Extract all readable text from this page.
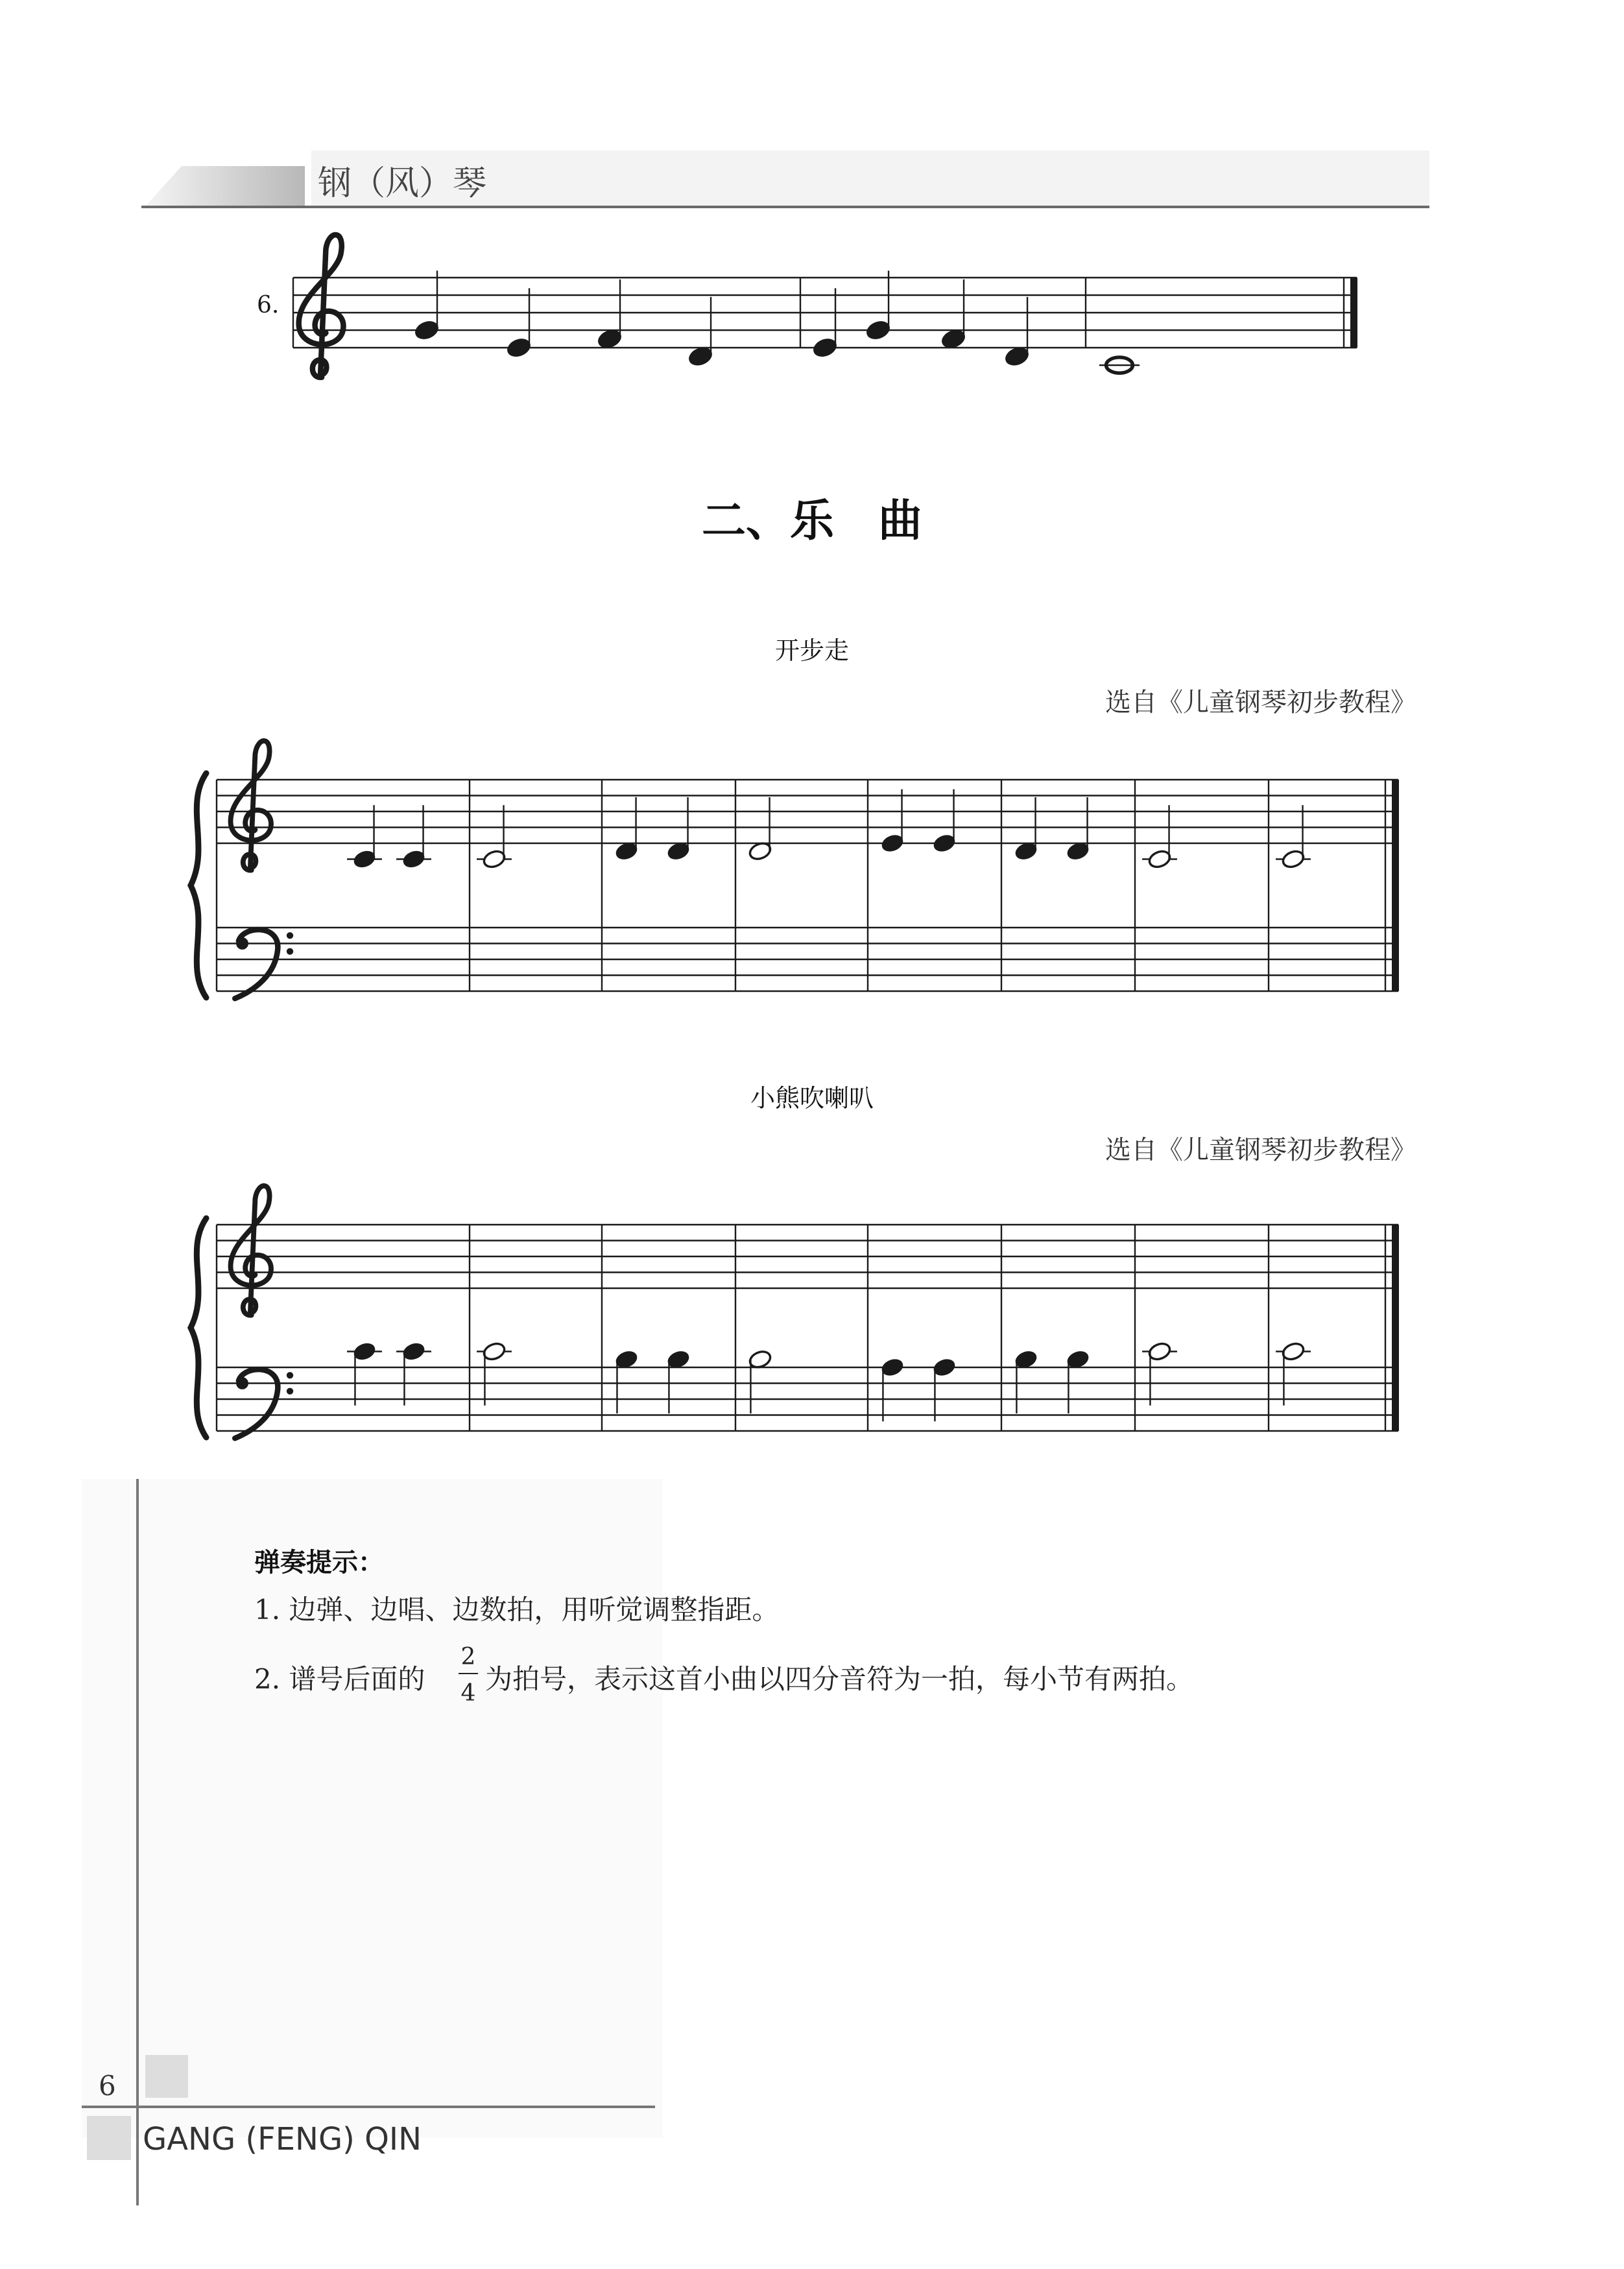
钢（风）琴
6.
二、乐　曲
开步走
选自《儿童钢琴初步教程》
小熊吹喇叭
选自《儿童钢琴初步教程》
弹奏提示：
1. 边弹、边唱、边数拍，用听觉调整指距。
2. 谱号后面的
2
4 为拍号，表示这首小曲以四分音符为一拍，每小节有两拍。
6
GANG (FENG) QIN
